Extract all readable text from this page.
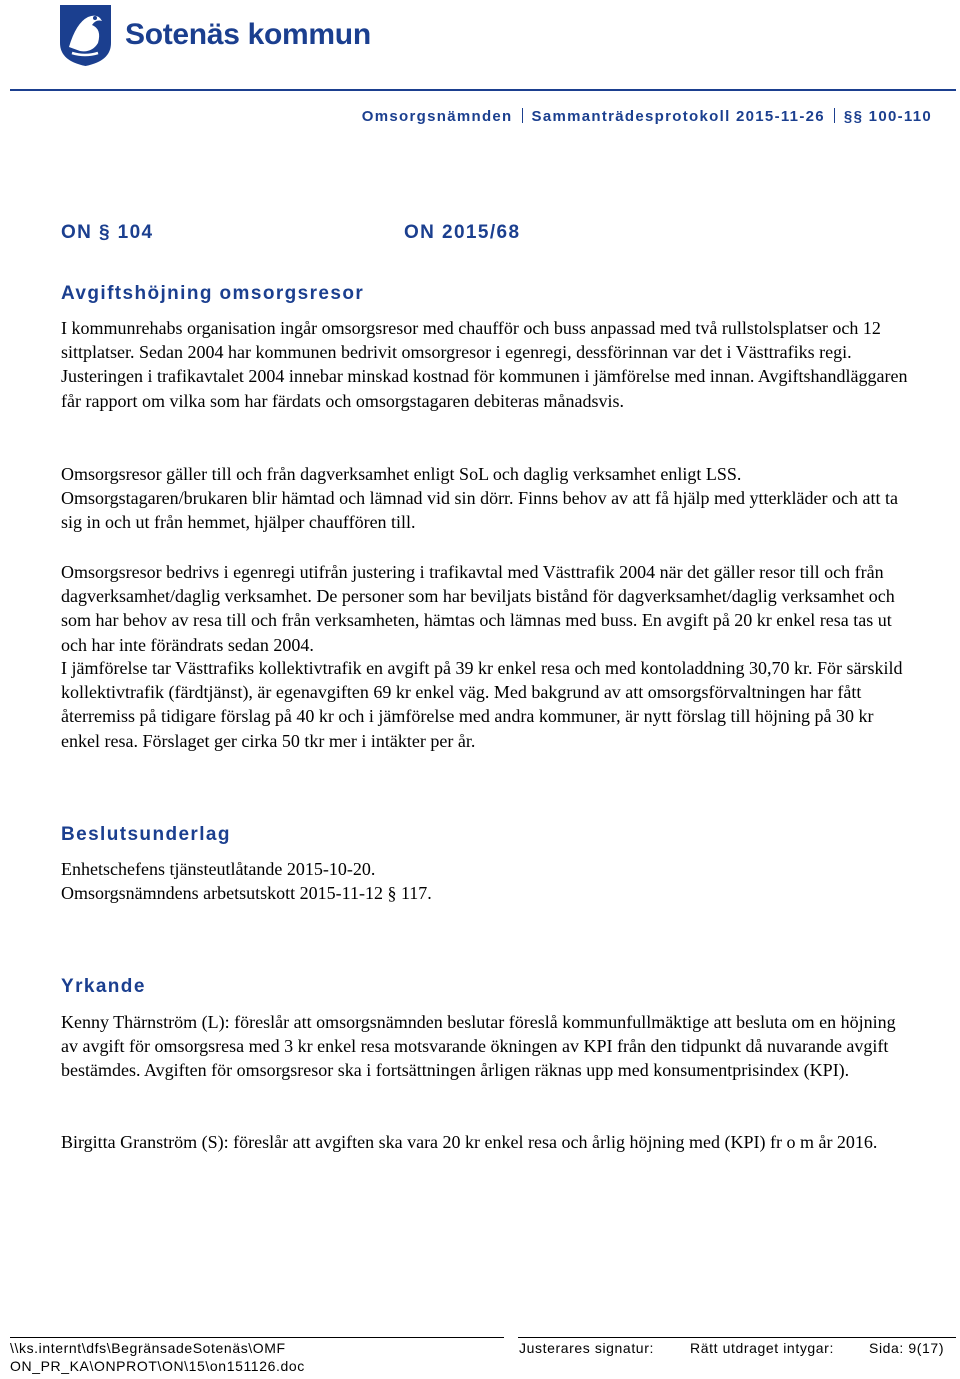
Sotenäs kommun
Omsorgsnämnden Sammanträdesprotokoll 2015-11-26 §§ 100-110
ON § 104	ON 2015/68
Avgiftshöjning omsorgsresor

I kommunrehabs organisation ingår omsorgsresor med chaufför och buss anpassad med två rullstolsplatser och 12 sittplatser. Sedan 2004 har kommunen bedrivit omsorgresor i egenregi, dessförinnan var det i Västtrafiks regi. Justeringen i trafikavtalet 2004 innebar minskad kostnad för kommunen i jämförelse med innan. Avgiftshandläggaren får rapport om vilka som har färdats och omsorgstagaren debiteras månadsvis.

Omsorgsresor gäller till och från dagverksamhet enligt SoL och daglig verksamhet enligt LSS. Omsorgstagaren/brukaren blir hämtad och lämnad vid sin dörr. Finns behov av att få hjälp med ytterkläder och att ta sig in och ut från hemmet, hjälper chauffören till.

Omsorgsresor bedrivs i egenregi utifrån justering i trafikavtal med Västtrafik 2004 när det gäller resor till och från dagverksamhet/daglig verksamhet. De personer som har beviljats bistånd för dagverksamhet/daglig verksamhet och som har behov av resa till och från verksamheten, hämtas och lämnas med buss. En avgift på 20 kr enkel resa tas ut och har inte förändrats sedan 2004.

I jämförelse tar Västtrafiks kollektivtrafik en avgift på 39 kr enkel resa och med kontoladdning 30,70 kr. För särskild kollektivtrafik (färdtjänst), är egenavgiften 69 kr enkel väg. Med bakgrund av att omsorgsförvaltningen har fått återremiss på tidigare förslag på 40 kr och i jämförelse med andra kommuner, är nytt förslag till höjning på 30 kr enkel resa. Förslaget ger cirka 50 tkr mer i intäkter per år.

Beslutsunderlag

Enhetschefens tjänsteutlåtande 2015-10-20.

Omsorgsnämndens arbetsutskott 2015-11-12 § 117.

Yrkande

Kenny Thärnström (L): föreslår att omsorgsnämnden beslutar föreslå kommunfullmäktige att besluta om en höjning av avgift för omsorgsresa med 3 kr enkel resa motsvarande ökningen av KPI från den tidpunkt då nuvarande avgift bestämdes. Avgiften för omsorgsresor ska i fortsättningen årligen räknas upp med konsumentprisindex (KPI).

Birgitta Granström (S): föreslår att avgiften ska vara 20 kr enkel resa och årlig höjning med (KPI) fr o m år 2016.

\\ks.internt\dfs\BegränsadeSotenäs\OMF
ON_PR_KA\ONPROT\ON\15\on151126.doc
Justerares signatur:	Rätt utdraget intygar:	Sida: 9(17)
